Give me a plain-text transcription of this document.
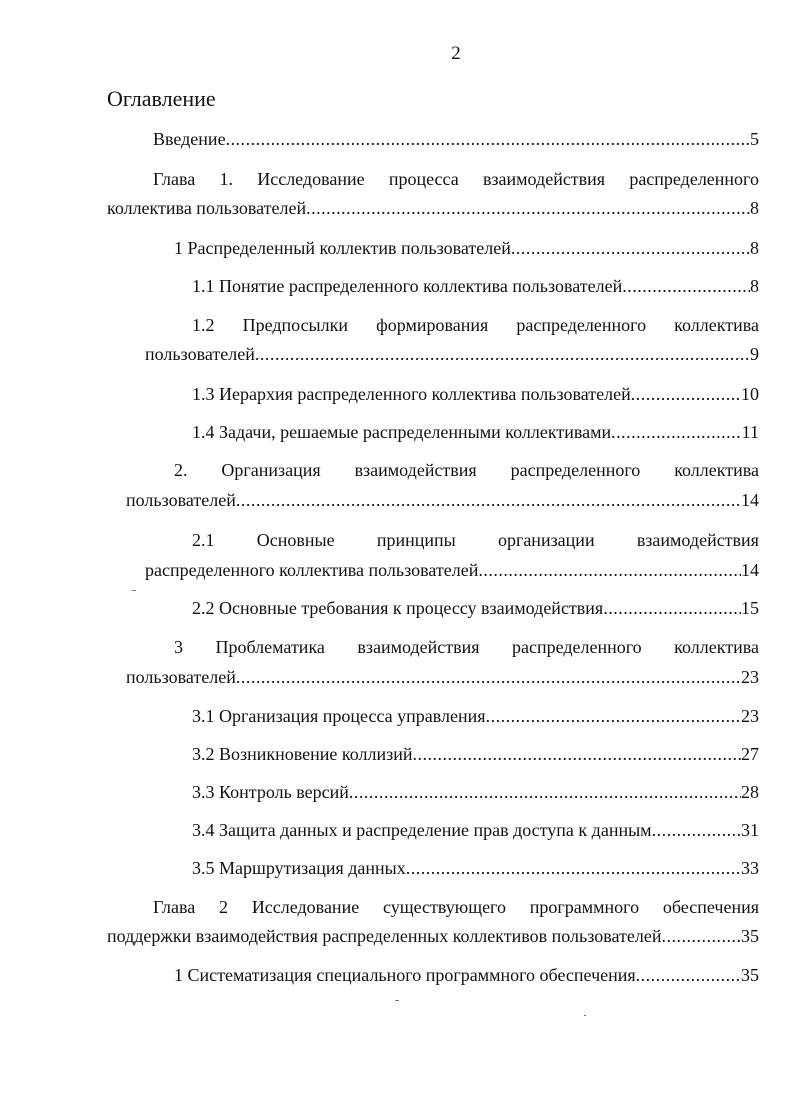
2
Оглавление
Введение .....	5
Глава 1. Исследование процесса взаимодействия распределенного
коллектива пользователей .....	8
1 Распределенный коллектив пользователей .....	8
1.1 Понятие распределенного коллектива пользователей .....	8
1.2 Предпосылки формирования распределенного коллектива
пользователей .....	9
1.3 Иерархия распределенного коллектива пользователей .....	10
1.4 Задачи, решаемые распределенными коллективами .....	11
2. Организация взаимодействия распределенного коллектива
пользователей .....	14
2.1 Основные принципы организации взаимодействия
распределенного коллектива пользователей .....	14
2.2 Основные требования к процессу взаимодействия .....	15
3 Проблематика взаимодействия распределенного коллектива
пользователей .....	23
3.1 Организация процесса управления .....	23
3.2 Возникновение коллизий .....	27
3.3 Контроль версий .....	28
3.4 Защита данных и распределение прав доступа к данным .....	31
3.5 Маршрутизация данных .....	33
Глава 2 Исследование существующего программного обеспечения
поддержки взаимодействия распределенных коллективов пользователей .....	35
1 Систематизация специального программного обеспечения .....	35
